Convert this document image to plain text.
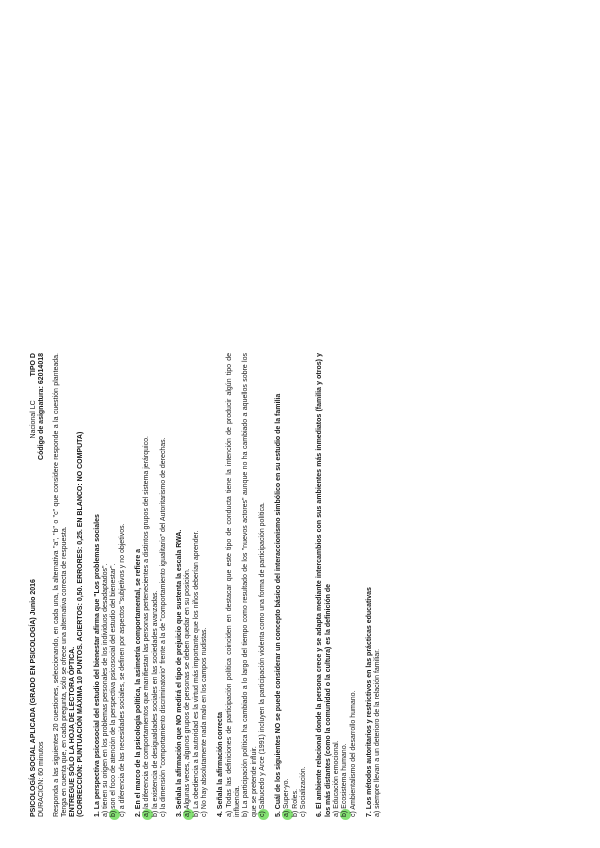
PSICOLOGÍA SOCIAL APLICADA (GRADO EN PSICOLOGÍA) Junio 2016
Nacional LC
TIPO D
DURACIÓN: 60 minutos
Código de asignatura: 62014018 Responda a las siguientes 20 cuestiones, seleccionando, en cada una, la alternativa "a", "b" o "c" que considere responde a la cuestión planteada. Tenga en cuenta que, en cada pregunta, sólo se ofrece una alternativa correcta de respuesta. ENTREGUE SÓLO LA HOJA DE LECTORA ÓPTICA. (CORRECCIÓN: PUNTUACIÓN MÁXIMA 10 PUNTOS. ACIERTOS: 0,50. ERRORES: 0,25. EN BLANCO: NO COMPUTA) 1. La perspectiva psicosocial del estudio del bienestar afirma que "Los problemas sociales a) tienen su origen en los problemas personales de los individuos desadaptados". b) son el foco de atención de la perspectiva psicosocial del estudio del bienestar". c) a diferencia de las necesidades sociales, se definen por aspectos "subjetivos y no objetivos. 2. En el marco de la psicología política, la asimetría comportamental, se refiere a a) la diferencia de comportamientos que manifiestan las personas pertenecientes a distintos grupos del sistema jerárquico. b) la existencia de desigualdades sociales en las sociedades avanzadas. c) la dimensión "comportamiento discriminatorio" frente a la de "comportamiento igualitario" del Autoritarismo de derechas. 3. Señala la afirmación que NO medirá el tipo de prejuicio que sustenta la escala RWA. a) Algunas veces, algunos grupos de personas se deben quedar en su posición. b) La obediencia a la autoridad es la virtud más importante que los niños deberían aprender. c) No hay absolutamente nada malo en los campos nudistas. 4. Señala la afirmación correcta a) Todas las definiciones de participación política coinciden en destacar que este tipo de conducta tiene la intención de producir algún tipo de influencia. b) La participación política ha cambiado a lo largo del tiempo como resultado de los "nuevos actores" aunque no ha cambiado a aquellos sobre los que se pretende influir. c) Sabucedo y Arce (1991) incluyen la participación violenta como una forma de participación política. 5. Cuál de los siguientes NO se puede considerar un concepto básico del interaccionismo simbólico en su estudio de la familia a) Super-yo. b) Roles. c) Socialización. 6. El ambiente relacional donde la persona crece y se adapta mediante intercambios con sus ambientes más inmediatos (familia y otros) y los más distantes (como la comunidad o la cultura) es la definición de a) Educación emocional. b) Ecosistema humano. c) Ambientalismo del desarrollo humano. 7. Los métodos autoritarios y restrictivos en las prácticas educativas a) siempre llevan a un deterioro de la relación familiar.
